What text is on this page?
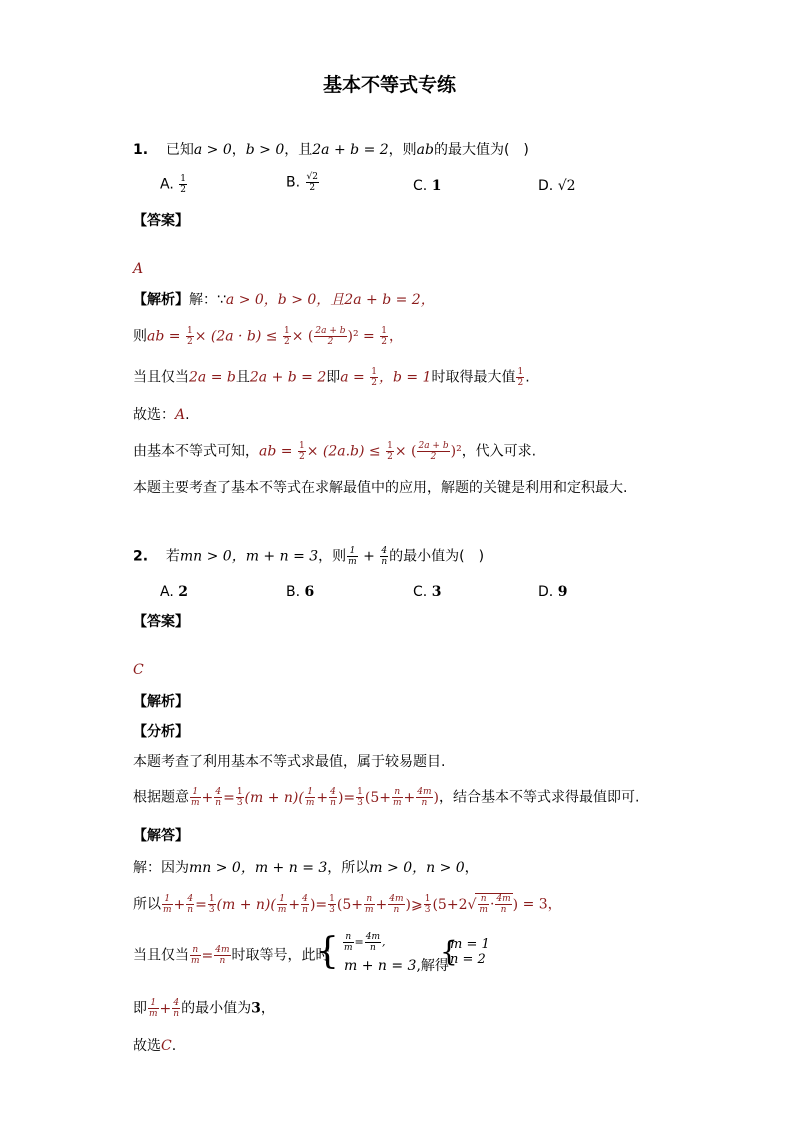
基本不等式专练
1. 已知a > 0，b > 0，且2a + b = 2，则ab的最大值为(　)
A. $\frac{1}{2}$	B. $\frac{√2}{2}$	C. 1	D. √2
【答案】
A
【解析】解：∵a > 0，b > 0，且2a + b = 2，
则ab = $\frac{1}{2} \times (2a \cdot b) \le \frac{1}{2}$ × ( $\frac{2a + b}{2} )^2 = \frac{1}{2}$ ，
当且仅当2a = b且2a + b = 2即$a = \frac{1}{2}$ ，b = 1时取得最大值 $\frac{1}{2}$ .
故选：A.
由基本不等式可知，ab = $\frac{1}{2} \times (2a.b) \le \frac{1}{2}$ × ( $\frac{2a + b}{2} )^2$，代入可求.
本题主要考查了基本不等式在求解最值中的应用，解题的关键是利用和定积最大.
2. 若mn > 0，m + n = 3，则 $\frac{1}{m} + \frac{4}{n}$ 的最小值为(　)
A. 2	B. 6	C. 3	D. 9
【答案】
C
【解析】
【分析】
本题考查了利用基本不等式求最值，属于较易题目.
根据题意 $\frac{1}{m} + \frac{4}{n} = \frac{1}{3} (m + n)( \frac{1}{m} + \frac{4}{n}$ )= $\frac{1}{3} (5+ \frac{n}{m} + \frac{4m}{n}$ )，结合基本不等式求得最值即可.
【解答】
解：因为mn > 0，m + n = 3，所以m > 0，n > 0，
所以 $\frac{1}{m} + \frac{4}{n} = \frac{1}{3} (m + n)( \frac{1}{m} + \frac{4}{n}$ )= $\frac{1}{3} (5+ \frac{n}{m} + \frac{4m}{n}$ )⩾ $\frac{1}{3} (5+2√ \frac{n}{m} \cdot \frac{4m}{n}$ ) = 3，
当且仅当 $\frac{n}{m} = \frac{4m}{n}$ 时取等号，此时
{ $\frac{n}{m} = \frac{4m}{n}$ ,
m + n = 3,解得
{
m = 1
n = 2
即 $\frac{1}{m} + \frac{4}{n}$ 的最小值为3，
故选C.
